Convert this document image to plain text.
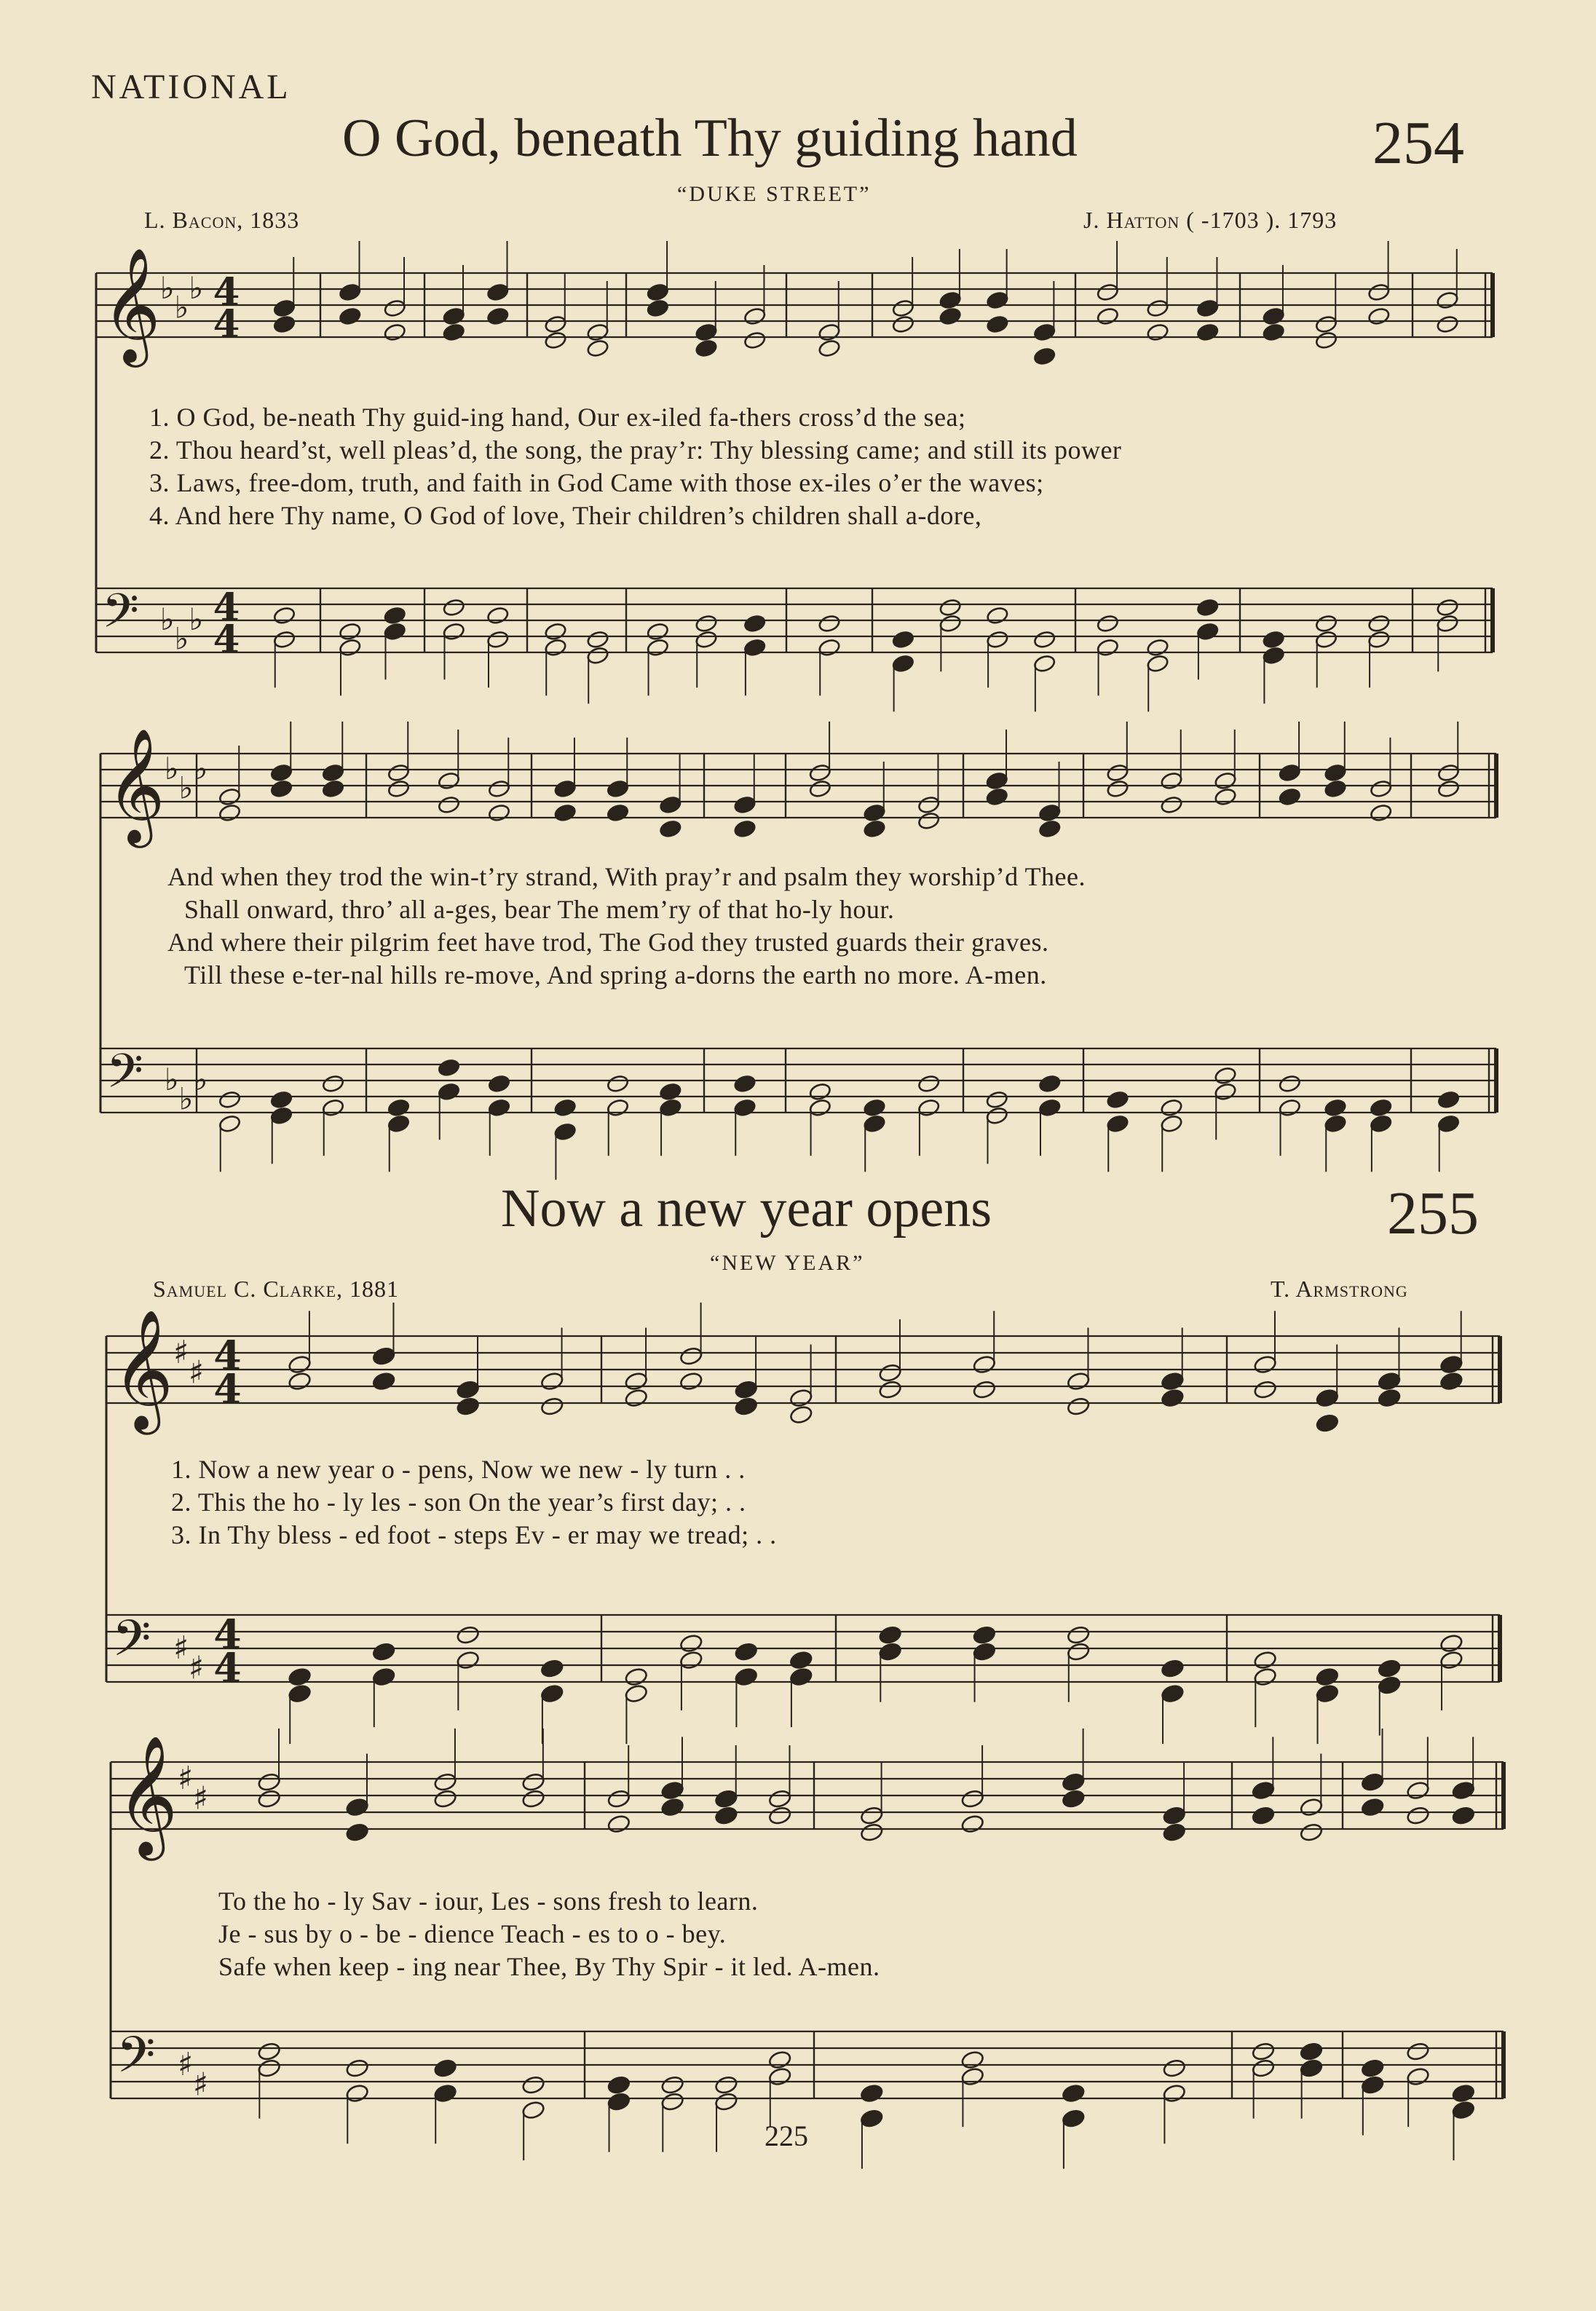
NATIONAL
O God, beneath Thy guiding hand	254
“DUKE STREET”
L. Bacon, 1833	J. Hatton ( -1703 ). 1793
1. O God, be-neath Thy guid-ing hand, Our ex-iled fa-thers cross’d the sea;
2. Thou heard’st, well pleas’d, the song, the pray’r: Thy blessing came; and still its power
3. Laws, free-dom, truth, and faith in God Came with those ex-iles o’er the waves;
4. And here Thy name, O God of love, Their children’s children shall a-dore,
And when they trod the win-t’ry strand, With pray’r and psalm they worship’d Thee.
Shall onward, thro’ all a-ges, bear The mem’ry of that ho-ly hour.
And where their pilgrim feet have trod, The God they trusted guards their graves.
Till these e-ter-nal hills re-move, And spring a-dorns the earth no more. A-men.
Now a new year opens	255
“NEW YEAR”
Samuel C. Clarke, 1881	T. Armstrong
1. Now a new year o - pens, Now we new - ly turn . .
2. This the ho - ly les - son On the year’s first day; . .
3. In Thy bless - ed foot - steps Ev - er may we tread; . .
To the ho - ly Sav - iour, Les - sons fresh to learn.
Je - sus by o - be - dience Teach - es to o - bey.
Safe when keep - ing near Thee, By Thy Spir - it led. A-men.
225
𝄞
𝄢
♭
♭
♭
♭
♭
♭
4
4
4
4
𝄞
𝄢
♭
♭
♭
♭
♭
♭
𝄞
𝄢
♯
♯
♯
♯
4
4
4
4
𝄞
𝄢
♯
♯
♯
♯
